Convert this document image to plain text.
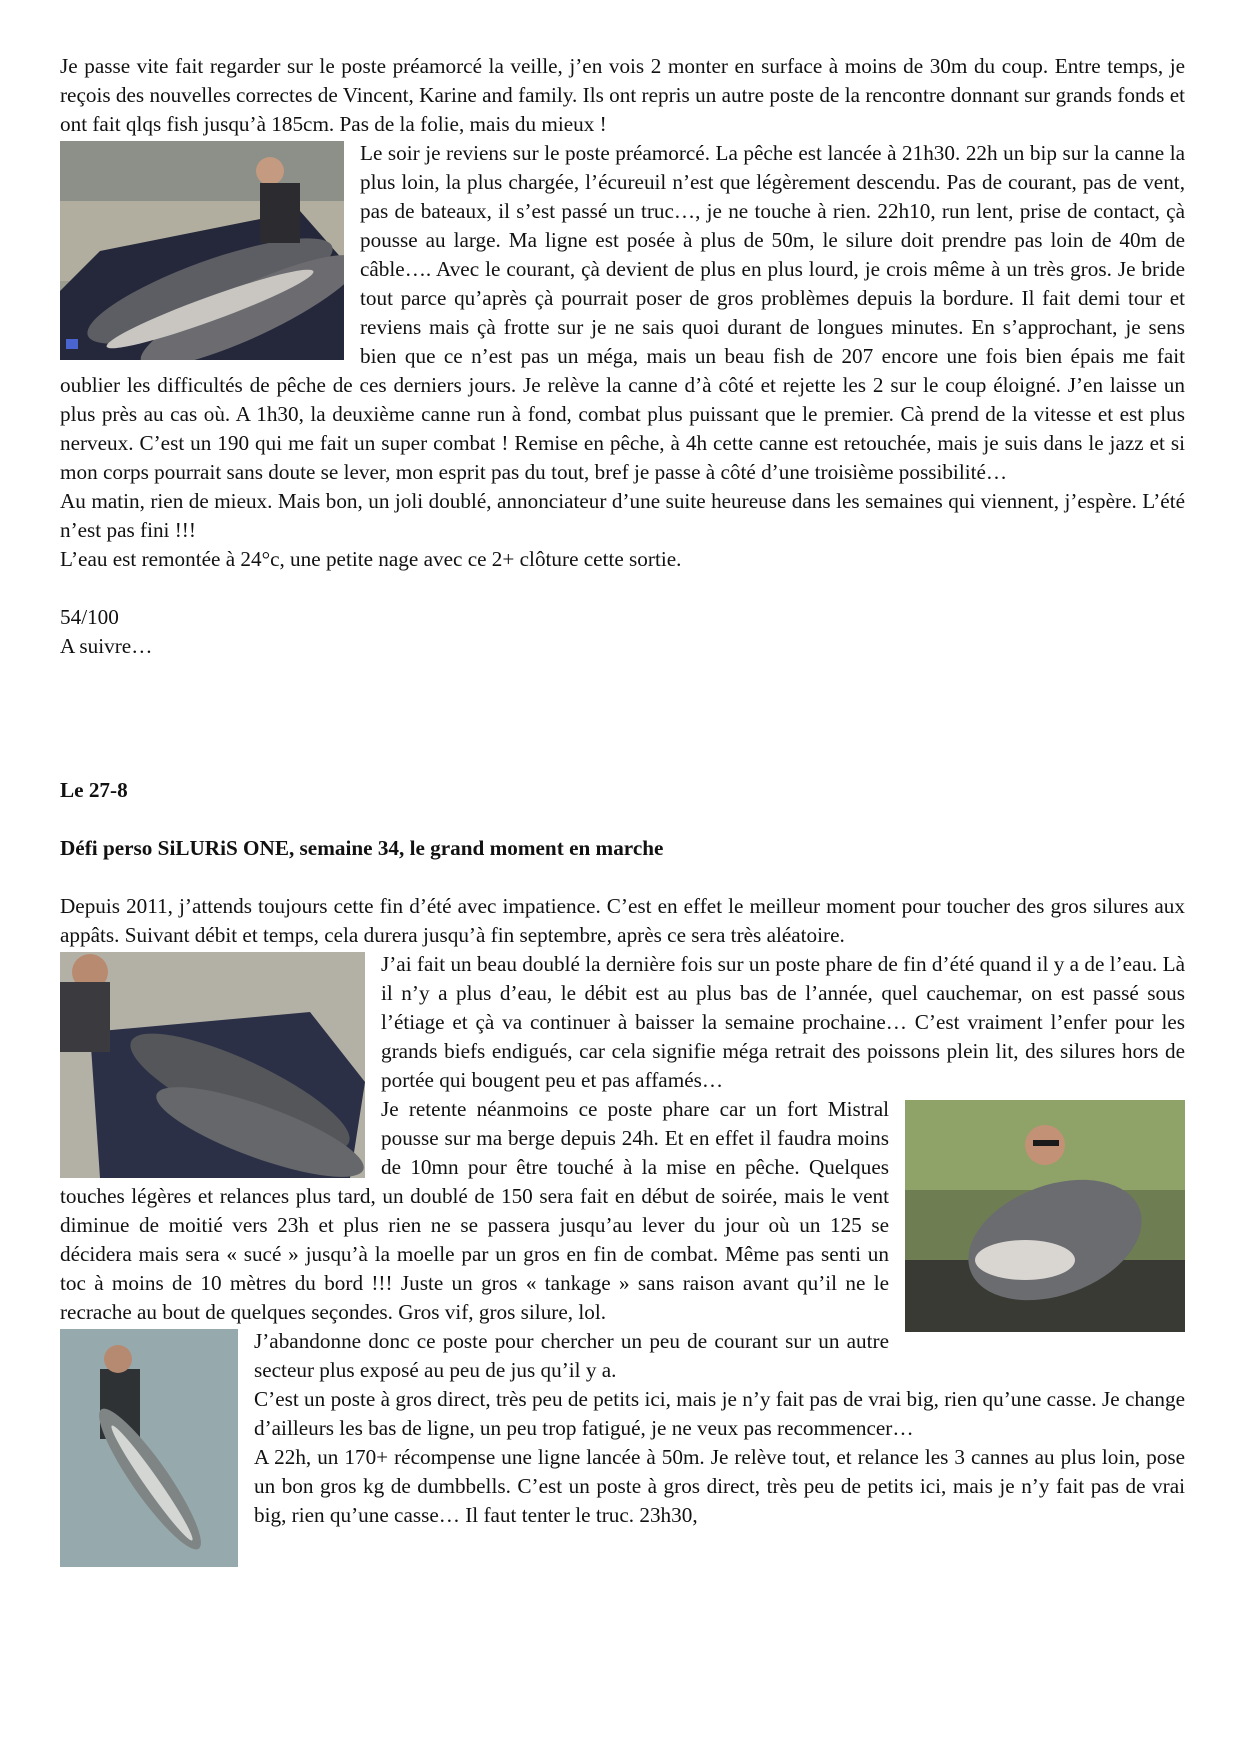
Je passe vite fait regarder sur le poste préamorcé la veille, j’en vois 2 monter en surface à moins de 30m du coup. Entre temps, je reçois des nouvelles correctes de Vincent, Karine and family. Ils ont repris un autre poste de la rencontre donnant sur grands fonds et ont fait qlqs fish jusqu’à 185cm. Pas de la folie, mais du mieux !

Le soir je reviens sur le poste préamorcé. La pêche est lancée à 21h30. 22h un bip sur la canne la plus loin, la plus chargée, l’écureuil n’est que légèrement descendu. Pas de courant, pas de vent, pas de bateaux, il s’est passé un truc…, je ne touche à rien. 22h10, run lent, prise de contact, çà pousse au large. Ma ligne est posée à plus de 50m, le silure doit prendre pas loin de 40m de câble…. Avec le courant, çà devient de plus en plus lourd, je crois même à un très gros. Je bride tout parce qu’après çà pourrait poser de gros problèmes depuis la bordure. Il fait demi tour et reviens mais çà frotte sur je ne sais quoi durant de longues minutes. En s’approchant, je sens bien que ce n’est pas un méga, mais un beau fish de 207 encore une fois bien épais me fait oublier les difficultés de pêche de ces derniers jours. Je relève la canne d’à côté et rejette les 2 sur le coup éloigné. J’en laisse un plus près au cas où. A 1h30, la deuxième canne run à fond, combat plus puissant que le premier. Cà prend de la vitesse et est plus nerveux. C’est un 190 qui me fait un super combat ! Remise en pêche, à 4h cette canne est retouchée, mais je suis dans le jazz et si mon corps pourrait sans doute se lever, mon esprit pas du tout, bref je passe à côté d’une troisième possibilité…

Au matin, rien de mieux. Mais bon, un joli doublé, annonciateur d’une suite heureuse dans les semaines qui viennent, j’espère. L’été n’est pas fini !!!

L’eau est remontée à 24°c, une petite nage avec ce 2+ clôture cette sortie.

54/100

A suivre…

Le 27-8
Défi perso SiLURiS ONE, semaine 34, le grand moment en marche

Depuis 2011, j’attends toujours cette fin d’été avec impatience. C’est en effet le meilleur moment pour toucher des gros silures aux appâts. Suivant débit et temps, cela durera jusqu’à fin septembre, après ce sera très aléatoire.

J’ai fait un beau doublé la dernière fois sur un poste phare de fin d’été quand il y a de l’eau. Là il n’y a plus d’eau, le débit est au plus bas de l’année, quel cauchemar, on est passé sous l’étiage et çà va continuer à baisser la semaine prochaine… C’est vraiment l’enfer pour les grands biefs endigués, car cela signifie méga retrait des poissons plein lit, des silures hors de portée qui bougent peu et pas affamés…

Je retente néanmoins ce poste phare car un fort Mistral pousse sur ma berge depuis 24h. Et en effet il faudra moins de 10mn pour être touché à la mise en pêche. Quelques touches légères et relances plus tard, un doublé de 150 sera fait en début de soirée, mais le vent diminue de moitié vers 23h et plus rien ne se passera jusqu’au lever du jour où un 125 se décidera mais sera « sucé » jusqu’à la moelle par un gros en fin de combat. Même pas senti un toc à moins de 10 mètres du bord !!! Juste un gros « tankage » sans raison avant qu’il ne le recrache au bout de quelques seçondes. Gros vif, gros silure, lol.

J’abandonne donc ce poste pour chercher un peu de courant sur un autre secteur plus exposé au peu de jus qu’il y a.

C’est un poste à gros direct, très peu de petits ici, mais je n’y fait pas de vrai big, rien qu’une casse. Je change d’ailleurs les bas de ligne, un peu trop fatigué, je ne veux pas recommencer…

A 22h, un 170+ récompense une ligne lancée à 50m. Je relève tout, et relance les 3 cannes au plus loin, pose un bon gros kg de dumbbells. C’est un poste à gros direct, très peu de petits ici, mais je n’y fait pas de vrai big, rien qu’une casse… Il faut tenter le truc. 23h30,
